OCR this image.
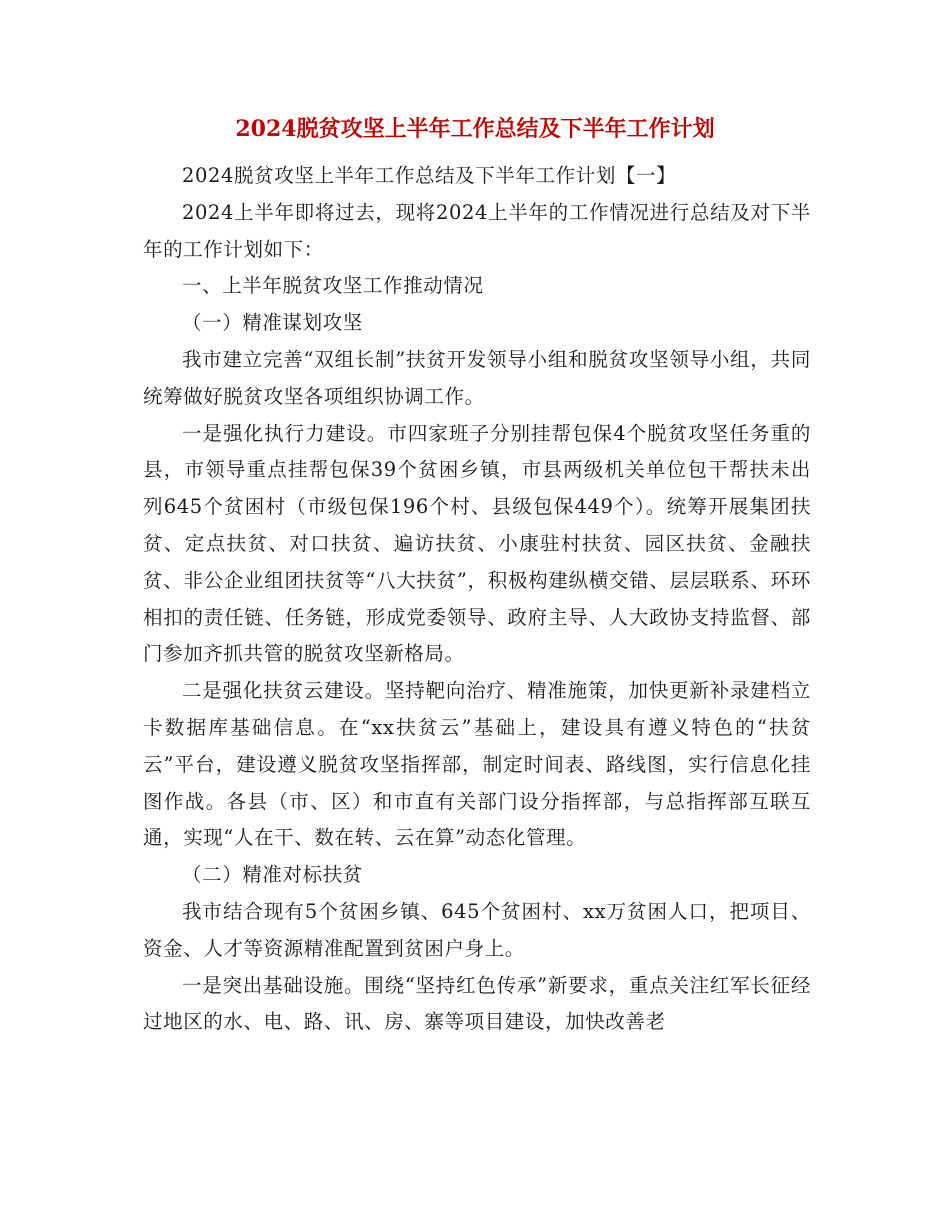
2024脱贫攻坚上半年工作总结及下半年工作计划

2024脱贫攻坚上半年工作总结及下半年工作计划【一】

2024上半年即将过去，现将2024上半年的工作情况进行总结及对下半年的工作计划如下：

一、上半年脱贫攻坚工作推动情况

（一）精准谋划攻坚

我市建立完善“双组长制”扶贫开发领导小组和脱贫攻坚领导小组，共同统筹做好脱贫攻坚各项组织协调工作。

一是强化执行力建设。市四家班子分别挂帮包保4个脱贫攻坚任务重的县，市领导重点挂帮包保39个贫困乡镇，市县两级机关单位包干帮扶未出列645个贫困村（市级包保196个村、县级包保449个）。统筹开展集团扶贫、定点扶贫、对口扶贫、遍访扶贫、小康驻村扶贫、园区扶贫、金融扶贫、非公企业组团扶贫等“八大扶贫”，积极构建纵横交错、层层联系、环环相扣的责任链、任务链，形成党委领导、政府主导、人大政协支持监督、部门参加齐抓共管的脱贫攻坚新格局。

二是强化扶贫云建设。坚持靶向治疗、精准施策，加快更新补录建档立卡数据库基础信息。在“xx扶贫云”基础上，建设具有遵义特色的“扶贫云”平台，建设遵义脱贫攻坚指挥部，制定时间表、路线图，实行信息化挂图作战。各县（市、区）和市直有关部门设分指挥部，与总指挥部互联互通，实现“人在干、数在转、云在算”动态化管理。

（二）精准对标扶贫

我市结合现有5个贫困乡镇、645个贫困村、xx万贫困人口，把项目、资金、人才等资源精准配置到贫困户身上。

一是突出基础设施。围绕“坚持红色传承”新要求，重点关注红军长征经过地区的水、电、路、讯、房、寨等项目建设，加快改善老
